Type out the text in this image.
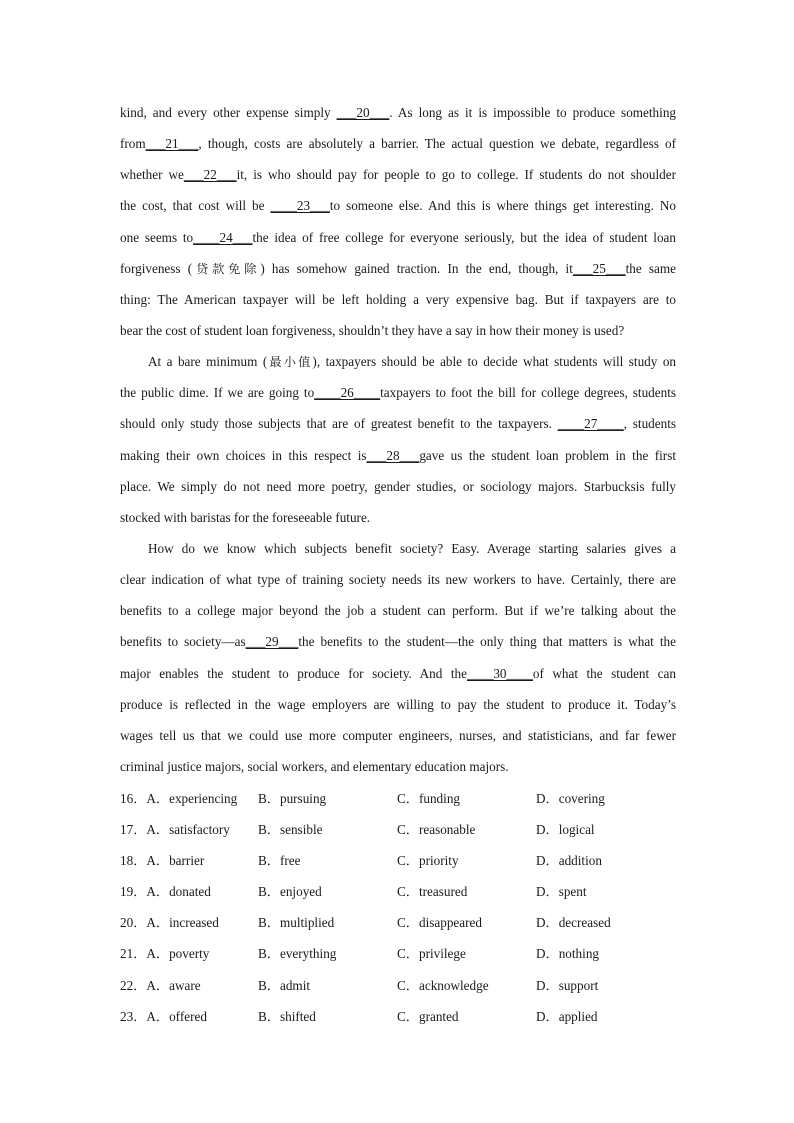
kind, and every other expense simply ___20___. As long as it is impossible to produce something
from___21___, though, costs are absolutely a barrier. The actual question we debate, regardless of
whether we___22___it, is who should pay for people to go to college. If students do not shoulder
the cost, that cost will be ____23___to someone else. And this is where things get interesting. No
one seems to____24___the idea of free college for everyone seriously, but the idea of student loan
forgiveness (贷款免除) has somehow gained traction. In the end, though, it___25___the same
thing: The American taxpayer will be left holding a very expensive bag. But if taxpayers are to
bear the cost of student loan forgiveness, shouldn’t they have a say in how their money is used?
At a bare minimum (最小值), taxpayers should be able to decide what students will study on
the public dime. If we are going to____26____taxpayers to foot the bill for college degrees, students
should only study those subjects that are of greatest benefit to the taxpayers. ____27____, students
making their own choices in this respect is___28___gave us the student loan problem in the first
place. We simply do not need more poetry, gender studies, or sociology majors. Starbucksis fully
stocked with baristas for the foreseeable future.
How do we know which subjects benefit society? Easy. Average starting salaries gives a
clear indication of what type of training society needs its new workers to have. Certainly, there are
benefits to a college major beyond the job a student can perform. But if we’re talking about the
benefits to society—as___29___the benefits to the student—the only thing that matters is what the
major enables the student to produce for society. And the____30____of what the student can
produce is reflected in the wage employers are willing to pay the student to produce it. Today’s
wages tell us that we could use more computer engineers, nurses, and statisticians, and far fewer
criminal justice majors, social workers, and elementary education majors.
16．A．experiencing B．pursuing	C．funding	D．covering
17．A．satisfactory B．sensible	C．reasonable	D．logical
18．A．barrier	B．free	C．priority	D．addition
19．A．donated	B．enjoyed	C．treasured	D．spent
20．A．increased	B．multiplied	C．disappeared	D．decreased
21．A．poverty	B．everything	C．privilege	D．nothing
22．A．aware	B．admit	C．acknowledge	D．support
23．A．offered	B．shifted	C．granted	D．applied
